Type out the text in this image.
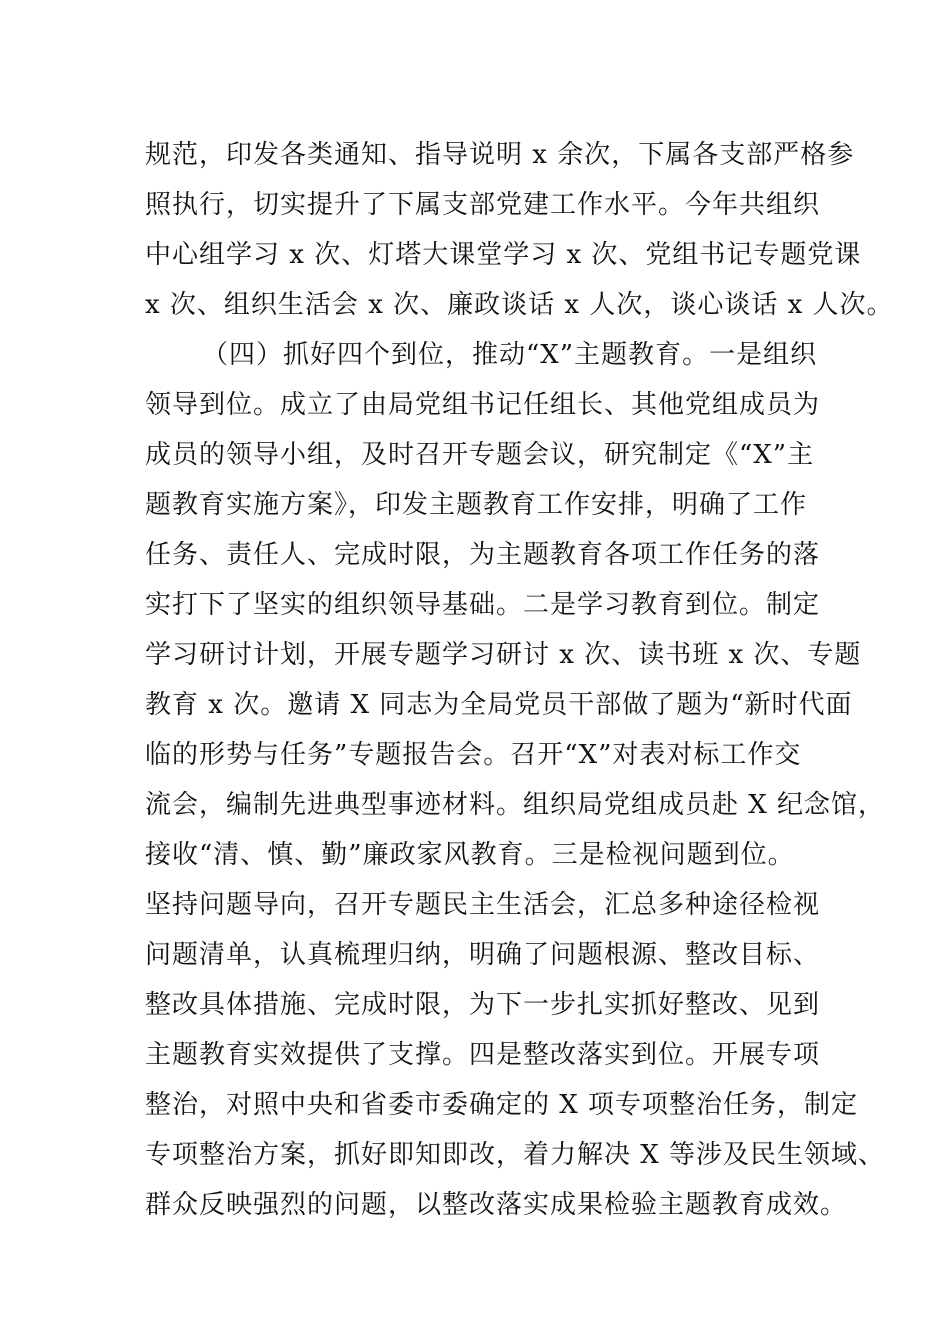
规范，印发各类通知、指导说明 x 余次，下属各支部严格参
照执行，切实提升了下属支部党建工作水平。今年共组织
中心组学习 x 次、灯塔大课堂学习 x 次、党组书记专题党课
x 次、组织生活会 x 次、廉政谈话 x 人次，谈心谈话 x 人次。
（四）抓好四个到位，推动“X”主题教育。一是组织
领导到位。成立了由局党组书记任组长、其他党组成员为
成员的领导小组，及时召开专题会议，研究制定《“X”主
题教育实施方案》，印发主题教育工作安排，明确了工作
任务、责任人、完成时限，为主题教育各项工作任务的落
实打下了坚实的组织领导基础。二是学习教育到位。制定
学习研讨计划，开展专题学习研讨 x 次、读书班 x 次、专题
教育 x 次。邀请 X 同志为全局党员干部做了题为“新时代面
临的形势与任务”专题报告会。召开“X”对表对标工作交
流会，编制先进典型事迹材料。组织局党组成员赴 X 纪念馆，
接收“清、慎、勤”廉政家风教育。三是检视问题到位。
坚持问题导向，召开专题民主生活会，汇总多种途径检视
问题清单，认真梳理归纳，明确了问题根源、整改目标、
整改具体措施、完成时限，为下一步扎实抓好整改、见到
主题教育实效提供了支撑。四是整改落实到位。开展专项
整治，对照中央和省委市委确定的 X 项专项整治任务，制定
专项整治方案，抓好即知即改，着力解决 X 等涉及民生领域、
群众反映强烈的问题，以整改落实成果检验主题教育成效。
